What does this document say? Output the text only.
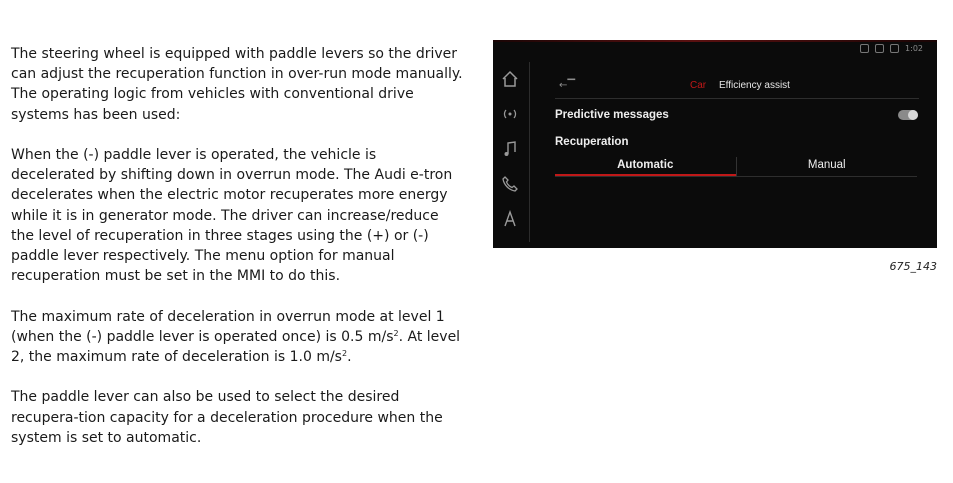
The steering wheel is equipped with paddle levers so the driver can adjust the recuperation function in over-run mode manually. The operating logic from vehicles with conventional drive systems has been used:

When the (-) paddle lever is operated, the vehicle is decelerated by shifting down in overrun mode. The Audi e-tron decelerates when the electric motor recuperates more energy while it is in generator mode. The driver can increase/reduce the level of recuperation in three stages using the (+) or (-) paddle lever respectively. The menu option for manual recuperation must be set in the MMI to do this.

The maximum rate of deceleration in overrun mode at level 1 (when the (-) paddle lever is operated once) is 0.5 $m/s^2$. At level 2, the maximum rate of deceleration is 1.0 $m/s^2$.

The paddle lever can also be used to select the desired recupera-tion capacity for a deceleration procedure when the system is set to automatic.

1:02
←▔	Car Efficiency assist
Predictive messages
Recuperation
Automatic	Manual
675_143
